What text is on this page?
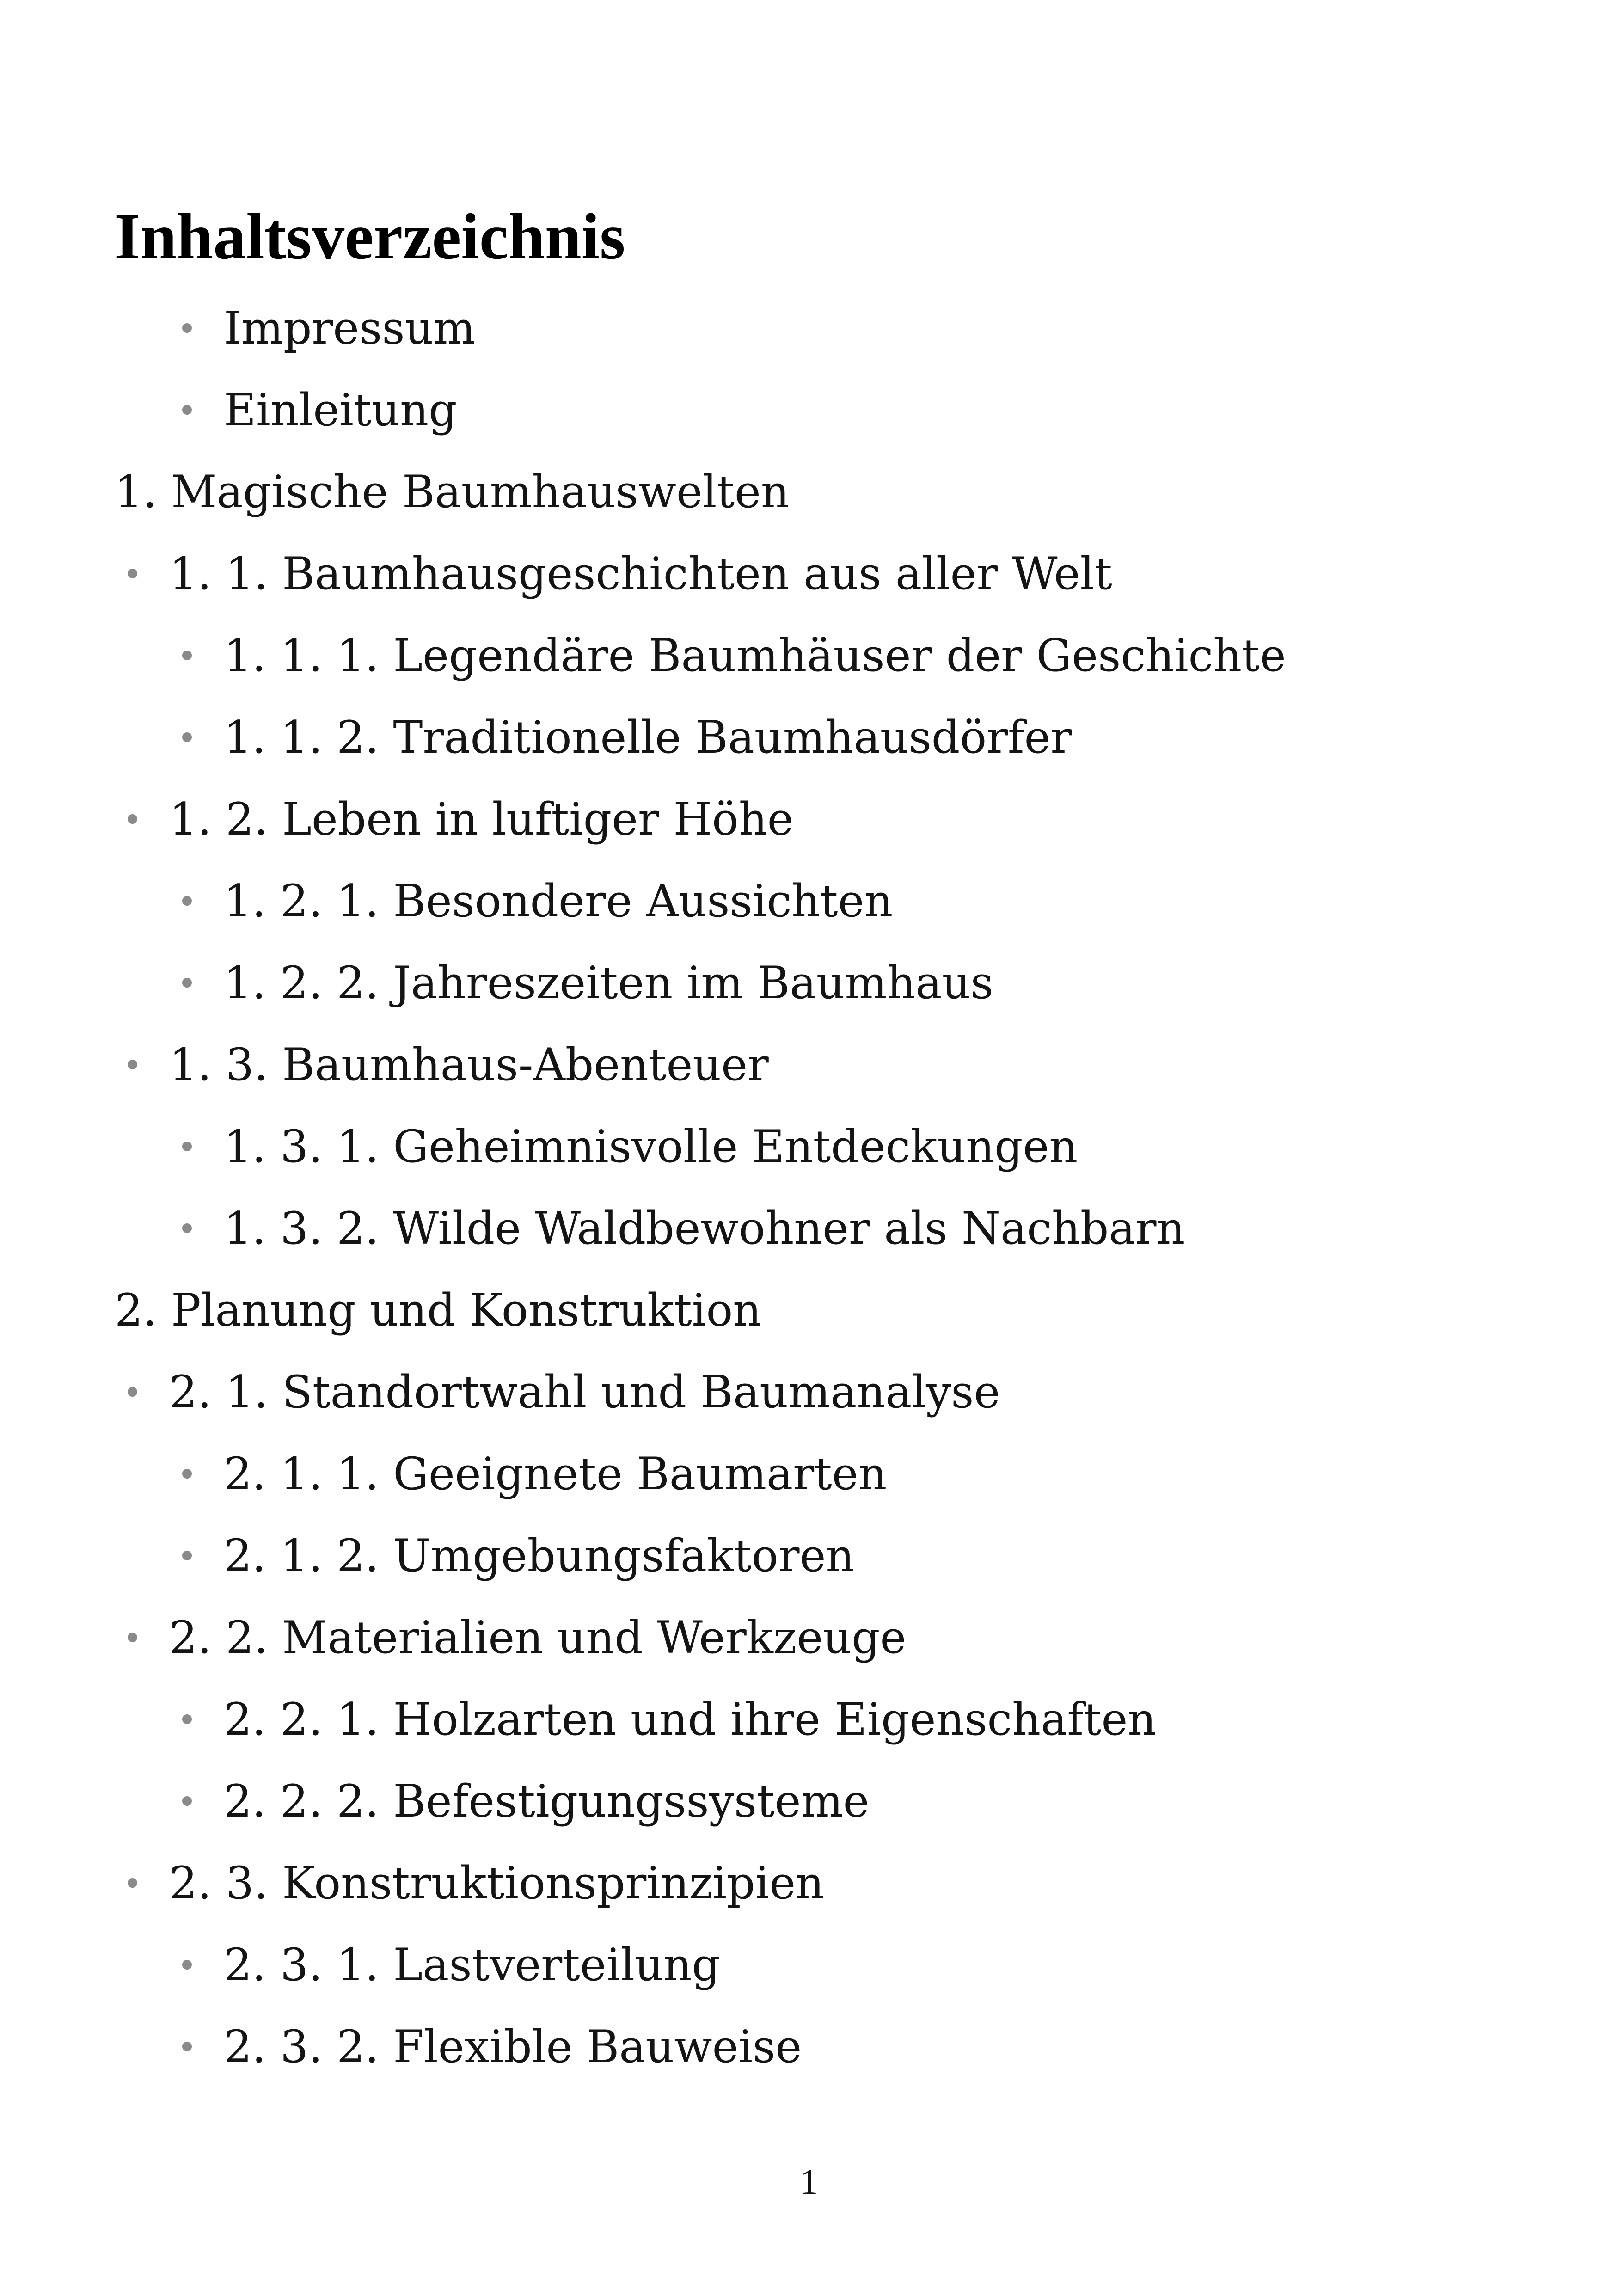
Inhaltsverzeichnis
Impressum
Einleitung
1. Magische Baumhauswelten
1. 1. Baumhausgeschichten aus aller Welt
1. 1. 1. Legendäre Baumhäuser der Geschichte
1. 1. 2. Traditionelle Baumhausdörfer
1. 2. Leben in luftiger Höhe
1. 2. 1. Besondere Aussichten
1. 2. 2. Jahreszeiten im Baumhaus
1. 3. Baumhaus-Abenteuer
1. 3. 1. Geheimnisvolle Entdeckungen
1. 3. 2. Wilde Waldbewohner als Nachbarn
2. Planung und Konstruktion
2. 1. Standortwahl und Baumanalyse
2. 1. 1. Geeignete Baumarten
2. 1. 2. Umgebungsfaktoren
2. 2. Materialien und Werkzeuge
2. 2. 1. Holzarten und ihre Eigenschaften
2. 2. 2. Befestigungssysteme
2. 3. Konstruktionsprinzipien
2. 3. 1. Lastverteilung
2. 3. 2. Flexible Bauweise
1
